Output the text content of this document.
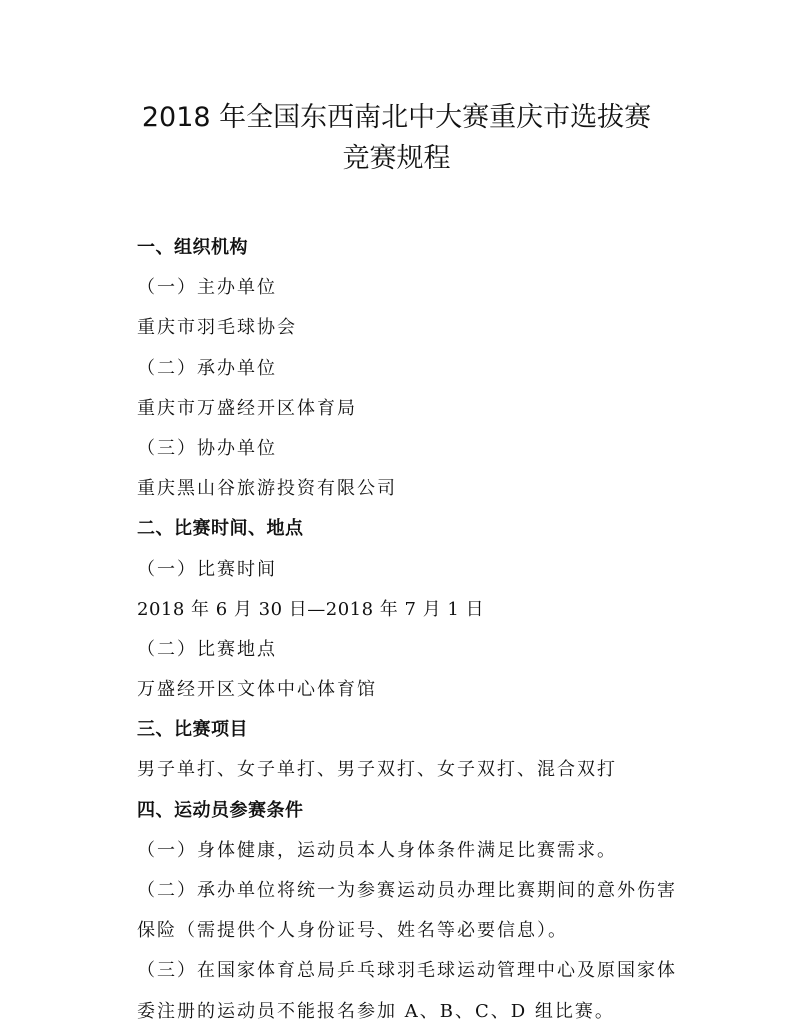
2018 年全国东西南北中大赛重庆市选拔赛
竞赛规程
一、组织机构
（一）主办单位
重庆市羽毛球协会
（二）承办单位
重庆市万盛经开区体育局
（三）协办单位
重庆黑山谷旅游投资有限公司
二、比赛时间、地点
（一）比赛时间
2018 年 6 月 30 日—2018 年 7 月 1 日
（二）比赛地点
万盛经开区文体中心体育馆
三、比赛项目
男子单打、女子单打、男子双打、女子双打、混合双打
四、运动员参赛条件
（一）身体健康，运动员本人身体条件满足比赛需求。
（二）承办单位将统一为参赛运动员办理比赛期间的意外伤害
保险（需提供个人身份证号、姓名等必要信息）。
（三）在国家体育总局乒乓球羽毛球运动管理中心及原国家体
委注册的运动员不能报名参加 A、B、C、D 组比赛。
